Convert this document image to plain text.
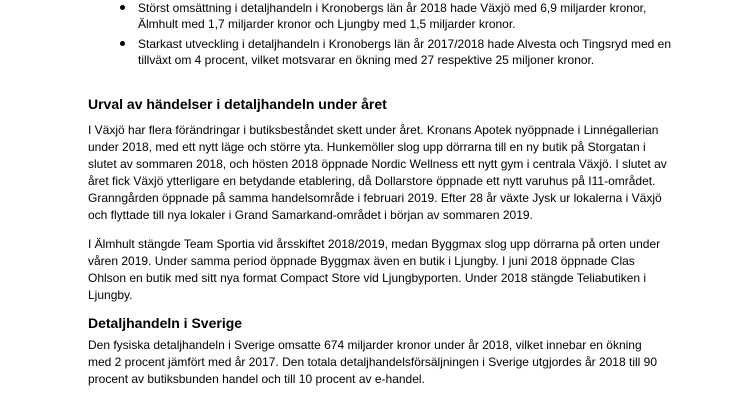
Störst omsättning i detaljhandeln i Kronobergs län år 2018 hade Växjö med 6,9 miljarder kronor, Älmhult med 1,7 miljarder kronor och Ljungby med 1,5 miljarder kronor.
Starkast utveckling i detaljhandeln i Kronobergs län år 2017/2018 hade Alvesta och Tingsryd med en tillväxt om 4 procent, vilket motsvarar en ökning med 27 respektive 25 miljoner kronor.
Urval av händelser i detaljhandeln under året

I Växjö har flera förändringar i butiksbeståndet skett under året. Kronans Apotek nyöppnade i Linnégallerian under 2018, med ett nytt läge och större yta. Hunkemöller slog upp dörrarna till en ny butik på Storgatan i slutet av sommaren 2018, och hösten 2018 öppnade Nordic Wellness ett nytt gym i centrala Växjö. I slutet av året fick Växjö ytterligare en betydande etablering, då Dollarstore öppnade ett nytt varuhus på I11-området. Granngården öppnade på samma handelsområde i februari 2019. Efter 28 år växte Jysk ur lokalerna i Växjö och flyttade till nya lokaler i Grand Samarkand-området i början av sommaren 2019.

I Älmhult stängde Team Sportia vid årsskiftet 2018/2019, medan Byggmax slog upp dörrarna på orten under våren 2019. Under samma period öppnade Byggmax även en butik i Ljungby. I juni 2018 öppnade Clas Ohlson en butik med sitt nya format Compact Store vid Ljungbyporten. Under 2018 stängde Teliabutiken i Ljungby.

Detaljhandeln i Sverige

Den fysiska detaljhandeln i Sverige omsatte 674 miljarder kronor under år 2018, vilket innebar en ökning med 2 procent jämfört med år 2017. Den totala detaljhandelsförsäljningen i Sverige utgjordes år 2018 till 90 procent av butiksbunden handel och till 10 procent av e-handel.
